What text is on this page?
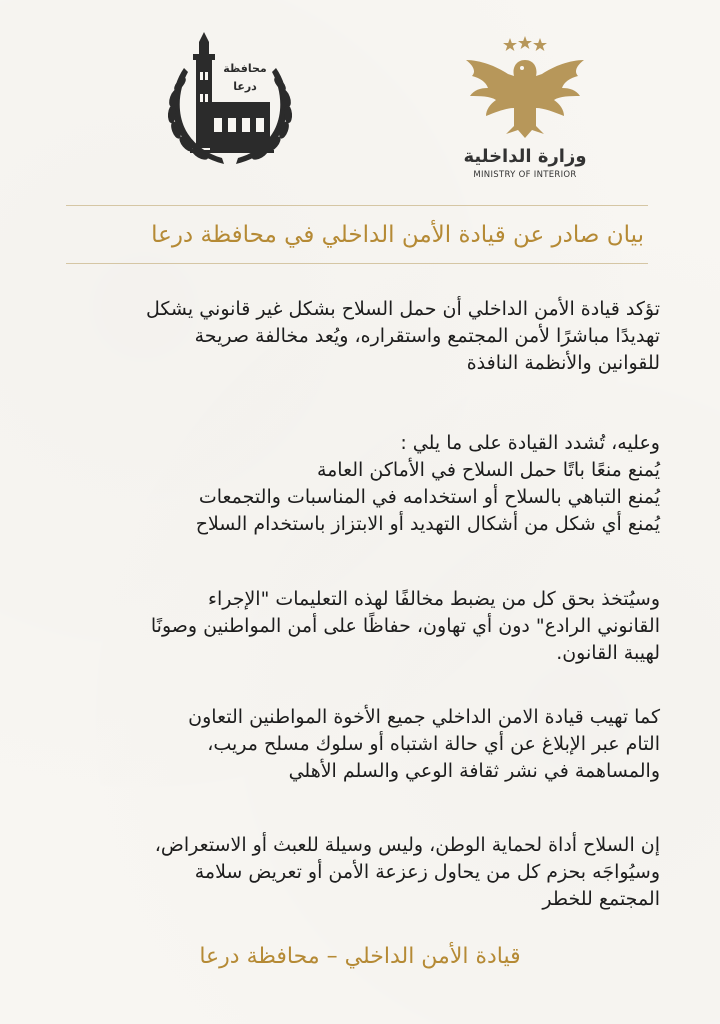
محافظة
درعا
وزارة الداخلية
MINISTRY OF INTERIOR
بيان صادر عن قيادة الأمن الداخلي في محافظة درعا

تؤكد قيادة الأمن الداخلي أن حمل السلاح بشكل غير قانوني يشكل

تهديدًا مباشرًا لأمن المجتمع واستقراره، ويُعد مخالفة صريحة

للقوانين والأنظمة النافذة

وعليه، تُشدد القيادة على ما يلي :

يُمنع منعًا باتًا حمل السلاح في الأماكن العامة

يُمنع التباهي بالسلاح أو استخدامه في المناسبات والتجمعات

يُمنع أي شكل من أشكال التهديد أو الابتزاز باستخدام السلاح

وسيُتخذ بحق كل من يضبط مخالفًا لهذه التعليمات "الإجراء

القانوني الرادع" دون أي تهاون، حفاظًا على أمن المواطنين وصونًا

لهيبة القانون.

كما تهيب قيادة الامن الداخلي جميع الأخوة المواطنين التعاون

التام عبر الإبلاغ عن أي حالة اشتباه أو سلوك مسلح مريب،

والمساهمة في نشر ثقافة الوعي والسلم الأهلي

إن السلاح أداة لحماية الوطن، وليس وسيلة للعبث أو الاستعراض،

وسيُواجَه بحزم كل من يحاول زعزعة الأمن أو تعريض سلامة

المجتمع للخطر

قيادة الأمن الداخلي – محافظة درعا
